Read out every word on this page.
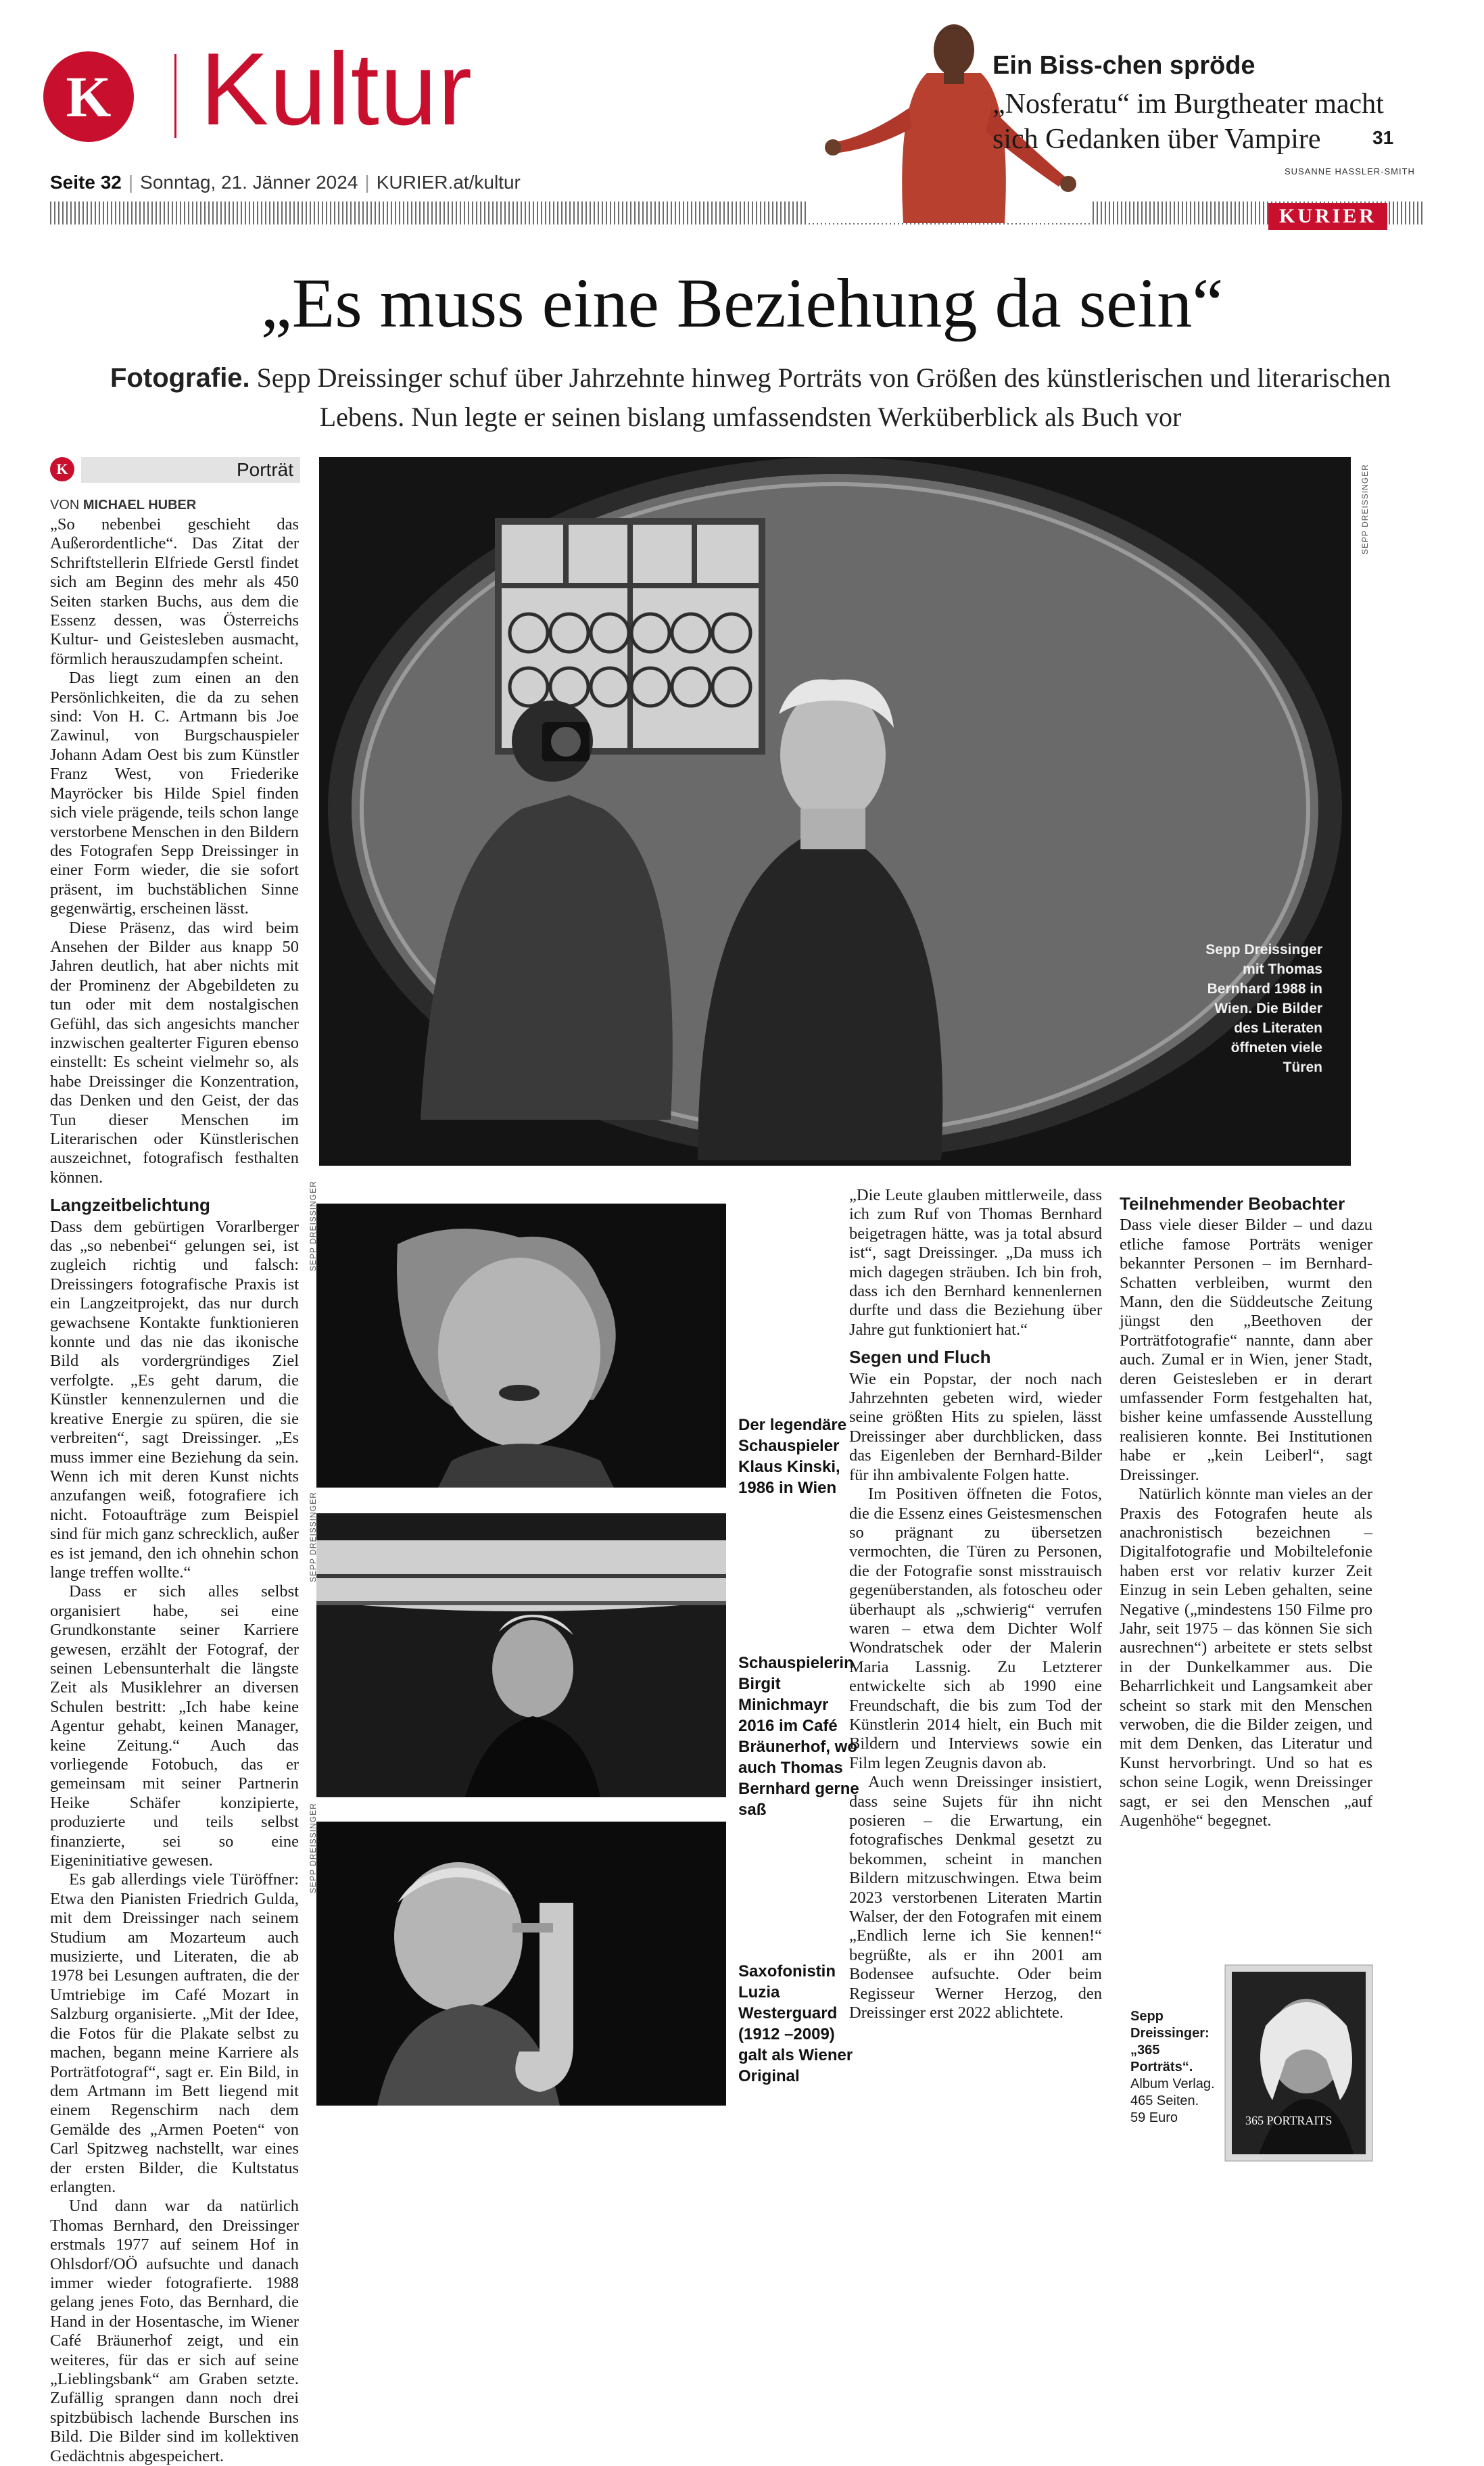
K Kultur
Seite 32 | Sonntag, 21. Jänner 2024 | KURIER.at/kultur
Ein Biss-chen spröde
„Nosferatu“ im Burgtheater macht sich Gedanken über Vampire	31
SUSANNE HASSLER-SMITH
KURIER
„Es muss eine Beziehung da sein“
Fotografie. Sepp Dreissinger schuf über Jahrzehnte hinweg Porträts von Größen des künstlerischen und literarischen Lebens. Nun legte er seinen bislang umfassendsten Werküberblick als Buch vor
K	Porträt
VON MICHAEL HUBER

„So nebenbei geschieht das Außerordentliche“. Das Zitat der Schriftstellerin Elfriede Gerstl findet sich am Beginn des mehr als 450 Seiten starken Buchs, aus dem die Essenz dessen, was Österreichs Kultur- und Geistesleben ausmacht, förmlich herauszudampfen scheint.

Das liegt zum einen an den Persönlichkeiten, die da zu sehen sind: Von H. C. Artmann bis Joe Zawinul, von Burgschauspieler Johann Adam Oest bis zum Künstler Franz West, von Friederike Mayröcker bis Hilde Spiel finden sich viele prägende, teils schon lange verstorbene Menschen in den Bildern des Fotografen Sepp Dreissinger in einer Form wieder, die sie sofort präsent, im buchstäblichen Sinne gegenwärtig, erscheinen lässt.

Diese Präsenz, das wird beim Ansehen der Bilder aus knapp 50 Jahren deutlich, hat aber nichts mit der Prominenz der Abgebildeten zu tun oder mit dem nostalgischen Gefühl, das sich angesichts mancher inzwischen gealterter Figuren ebenso einstellt: Es scheint vielmehr so, als habe Dreissinger die Konzentration, das Denken und den Geist, der das Tun dieser Menschen im Literarischen oder Künstlerischen auszeichnet, fotografisch festhalten können.

Langzeitbelichtung

Dass dem gebürtigen Vorarlberger das „so nebenbei“ gelungen sei, ist zugleich richtig und falsch: Dreissingers fotografische Praxis ist ein Langzeitprojekt, das nur durch gewachsene Kontakte funktionieren konnte und das nie das ikonische Bild als vordergründiges Ziel verfolgte. „Es geht darum, die Künstler kennenzulernen und die kreative Energie zu spüren, die sie verbreiten“, sagt Dreissinger. „Es muss immer eine Beziehung da sein. Wenn ich mit deren Kunst nichts anzufangen weiß, fotografiere ich nicht. Fotoaufträge zum Beispiel sind für mich ganz schrecklich, außer es ist jemand, den ich ohnehin schon lange treffen wollte.“

Dass er sich alles selbst organisiert habe, sei eine Grundkonstante seiner Karriere gewesen, erzählt der Fotograf, der seinen Lebensunterhalt die längste Zeit als Musiklehrer an diversen Schulen bestritt: „Ich habe keine Agentur gehabt, keinen Manager, keine Zeitung.“ Auch das vorliegende Fotobuch, das er gemeinsam mit seiner Partnerin Heike Schäfer konzipierte, produzierte und teils selbst finanzierte, sei so eine Eigeninitiative gewesen.

Es gab allerdings viele Türöffner: Etwa den Pianisten Friedrich Gulda, mit dem Dreissinger nach seinem Studium am Mozarteum auch musizierte, und Literaten, die ab 1978 bei Lesungen auftraten, die der Umtriebige im Café Mozart in Salzburg organisierte. „Mit der Idee, die Fotos für die Plakate selbst zu machen, begann meine Karriere als Porträtfotograf“, sagt er. Ein Bild, in dem Artmann im Bett liegend mit einem Regenschirm nach dem Gemälde des „Armen Poeten“ von Carl Spitzweg nachstellt, war eines der ersten Bilder, die Kultstatus erlangten.

Und dann war da natürlich Thomas Bernhard, den Dreissinger erstmals 1977 auf seinem Hof in Ohlsdorf/OÖ aufsuchte und danach immer wieder fotografierte. 1988 gelang jenes Foto, das Bernhard, die Hand in der Hosentasche, im Wiener Café Bräunerhof zeigt, und ein weiteres, für das er sich auf seine „Lieblingsbank“ am Graben setzte. Zufällig sprangen dann noch drei spitzbübisch lachende Burschen ins Bild. Die Bilder sind im kollektiven Gedächtnis abgespeichert.

SEPP DREISSINGER
Sepp Dreissinger mit Thomas Bernhard 1988 in Wien. Die Bilder des Literaten öffneten viele Türen
SEPP DREISSINGER
Der legendäre Schauspieler Klaus Kinski, 1986 in Wien
SEPP DREISSINGER
Schauspielerin Birgit Minichmayr 2016 im Café Bräunerhof, wo auch Thomas Bernhard gerne saß
SEPP DREISSINGER
Saxofonistin Luzia Westerguard (1912 –2009) galt als Wiener Original

„Die Leute glauben mittlerweile, dass ich zum Ruf von Thomas Bernhard beigetragen hätte, was ja total absurd ist“, sagt Dreissinger. „Da muss ich mich dagegen sträuben. Ich bin froh, dass ich den Bernhard kennenlernen durfte und dass die Beziehung über Jahre gut funktioniert hat.“

Segen und Fluch

Wie ein Popstar, der noch nach Jahrzehnten gebeten wird, wieder seine größten Hits zu spielen, lässt Dreissinger aber durchblicken, dass das Eigenleben der Bernhard-Bilder für ihn ambivalente Folgen hatte.

Im Positiven öffneten die Fotos, die die Essenz eines Geistesmenschen so prägnant zu übersetzen vermochten, die Türen zu Personen, die der Fotografie sonst misstrauisch gegenüberstanden, als fotoscheu oder überhaupt als „schwierig“ verrufen waren – etwa dem Dichter Wolf Wondratschek oder der Malerin Maria Lassnig. Zu Letzterer entwickelte sich ab 1990 eine Freundschaft, die bis zum Tod der Künstlerin 2014 hielt, ein Buch mit Bildern und Interviews sowie ein Film legen Zeugnis davon ab.

Auch wenn Dreissinger insistiert, dass seine Sujets für ihn nicht posieren – die Erwartung, ein fotografisches Denkmal gesetzt zu bekommen, scheint in manchen Bildern mitzuschwingen. Etwa beim 2023 verstorbenen Literaten Martin Walser, der den Fotografen mit einem „Endlich lerne ich Sie kennen!“ begrüßte, als er ihn 2001 am Bodensee aufsuchte. Oder beim Regisseur Werner Herzog, den Dreissinger erst 2022 ablichtete.

Teilnehmender Beobachter

Dass viele dieser Bilder – und dazu etliche famose Porträts weniger bekannter Personen – im Bernhard-Schatten verbleiben, wurmt den Mann, den die Süddeutsche Zeitung jüngst den „Beethoven der Porträtfotografie“ nannte, dann aber auch. Zumal er in Wien, jener Stadt, deren Geistesleben er in derart umfassender Form festgehalten hat, bisher keine umfassende Ausstellung realisieren konnte. Bei Institutionen habe er „kein Leiberl“, sagt Dreissinger.

Natürlich könnte man vieles an der Praxis des Fotografen heute als anachronistisch bezeichnen – Digitalfotografie und Mobiltelefonie haben erst vor relativ kurzer Zeit Einzug in sein Leben gehalten, seine Negative („mindestens 150 Filme pro Jahr, seit 1975 – das können Sie sich ausrechnen“) arbeitete er stets selbst in der Dunkelkammer aus. Die Beharrlichkeit und Langsamkeit aber scheint so stark mit den Menschen verwoben, die die Bilder zeigen, und mit dem Denken, das Literatur und Kunst hervorbringt. Und so hat es schon seine Logik, wenn Dreissinger sagt, er sei den Menschen „auf Augenhöhe“ begegnet.

Sepp Dreissinger:
„365 Porträts“.
Album Verlag.
465 Seiten.
59 Euro	365 PORTRAITS
